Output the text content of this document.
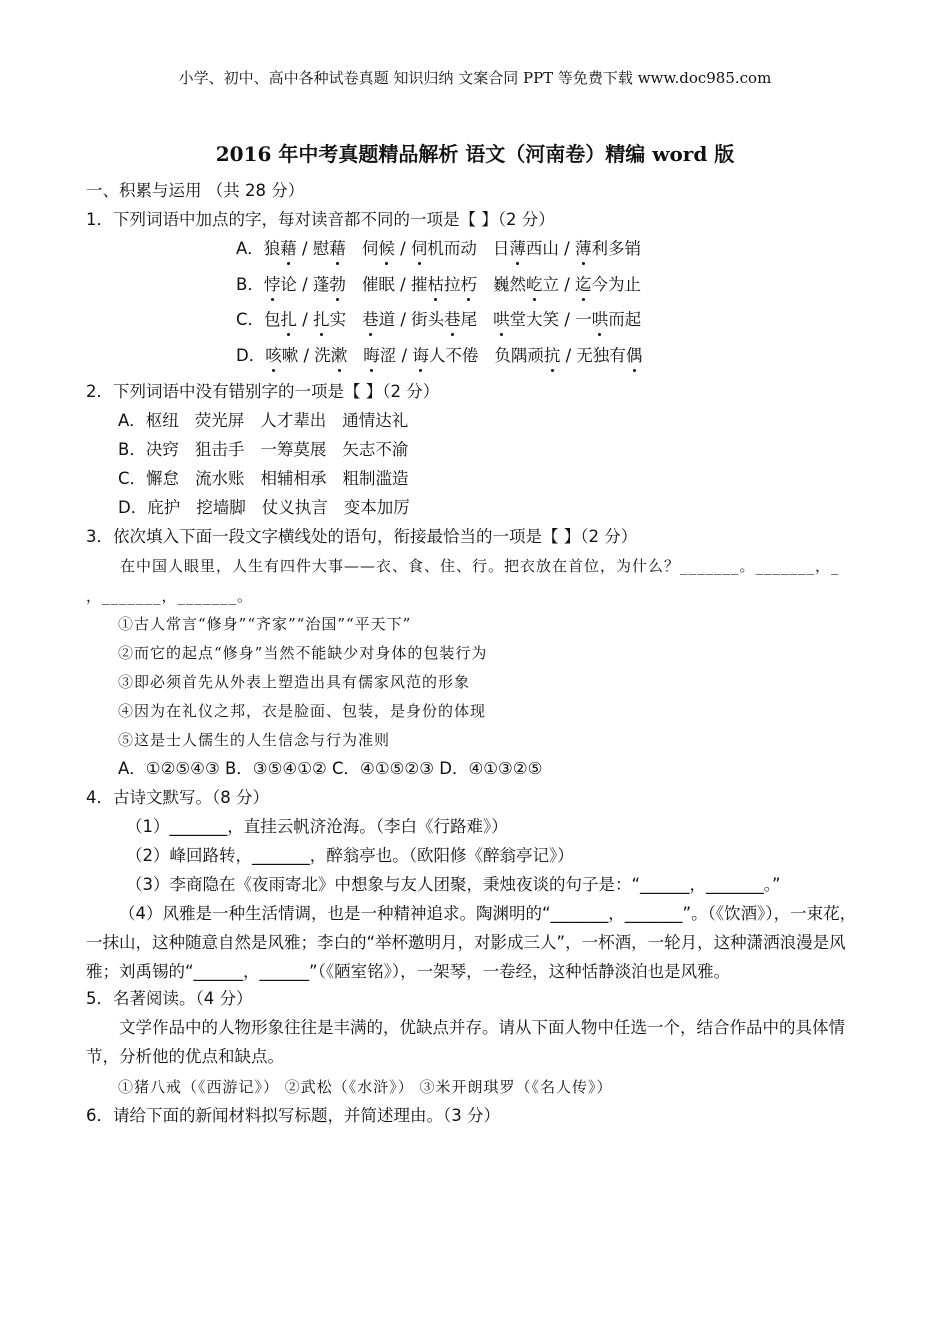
小学、初中、高中各种试卷真题 知识归纳 文案合同 PPT 等免费下载 www.doc985.com
2016 年中考真题精品解析 语文（河南卷）精编 word 版
一、积累与运用 （共 28 分）
1．下列词语中加点的字，每对读音都不同的一项是【 】（2 分）
A．狼藉 / 慰藉 伺候 / 伺机而动 日薄西山 / 薄利多销
B．悖论 / 蓬勃 催眠 / 摧枯拉朽 巍然屹立 / 迄今为止
C．包扎 / 扎实 巷道 / 街头巷尾 哄堂大笑 / 一哄而起
D．咳嗽 / 洗漱 晦涩 / 诲人不倦 负隅顽抗 / 无独有偶
2．下列词语中没有错别字的一项是【 】（2 分）
A．枢纽 荧光屏 人才辈出 通情达礼
B．决窍 狙击手 一筹莫展 矢志不渝
C．懈怠 流水账 相辅相承 粗制滥造
D．庇护 挖墙脚 仗义执言 变本加厉
3．依次填入下面一段文字横线处的语句，衔接最恰当的一项是【 】（2 分）
在中国人眼里，人生有四件大事——衣、食、住、行。把衣放在首位，为什么？_______。_______，_
，_______，_______。
①古人常言“修身”“齐家”“治国”“平天下”
②而它的起点“修身”当然不能缺少对身体的包装行为
③即必须首先从外表上塑造出具有儒家风范的形象
④因为在礼仪之邦，衣是脸面、包装，是身份的体现
⑤这是士人儒生的人生信念与行为准则
A．①②⑤④③ B．③⑤④①② C．④①⑤②③ D．④①③②⑤
4．古诗文默写。（8 分）
（1）_______，直挂云帆济沧海。（李白《行路难》）
（2）峰回路转，_______，醉翁亭也。（欧阳修《醉翁亭记》）
（3）李商隐在《夜雨寄北》中想象与友人团聚，秉烛夜谈的句子是：“______，_______。”
（4）风雅是一种生活情调，也是一种精神追求。陶渊明的“_______，_______”。（《饮酒》），一束花，一抹山，这种随意自然是风雅；李白的“举杯邀明月，对影成三人”，一杯酒，一轮月，这种潇洒浪漫是风雅；刘禹锡的“______，______”（《陋室铭》），一架琴，一卷经，这种恬静淡泊也是风雅。
5．名著阅读。（4 分）
文学作品中的人物形象往往是丰满的，优缺点并存。请从下面人物中任选一个，结合作品中的具体情节，分析他的优点和缺点。
①猪八戒（《西游记》） ②武松（《水浒》） ③米开朗琪罗（《名人传》）
6．请给下面的新闻材料拟写标题，并简述理由。（3 分）
